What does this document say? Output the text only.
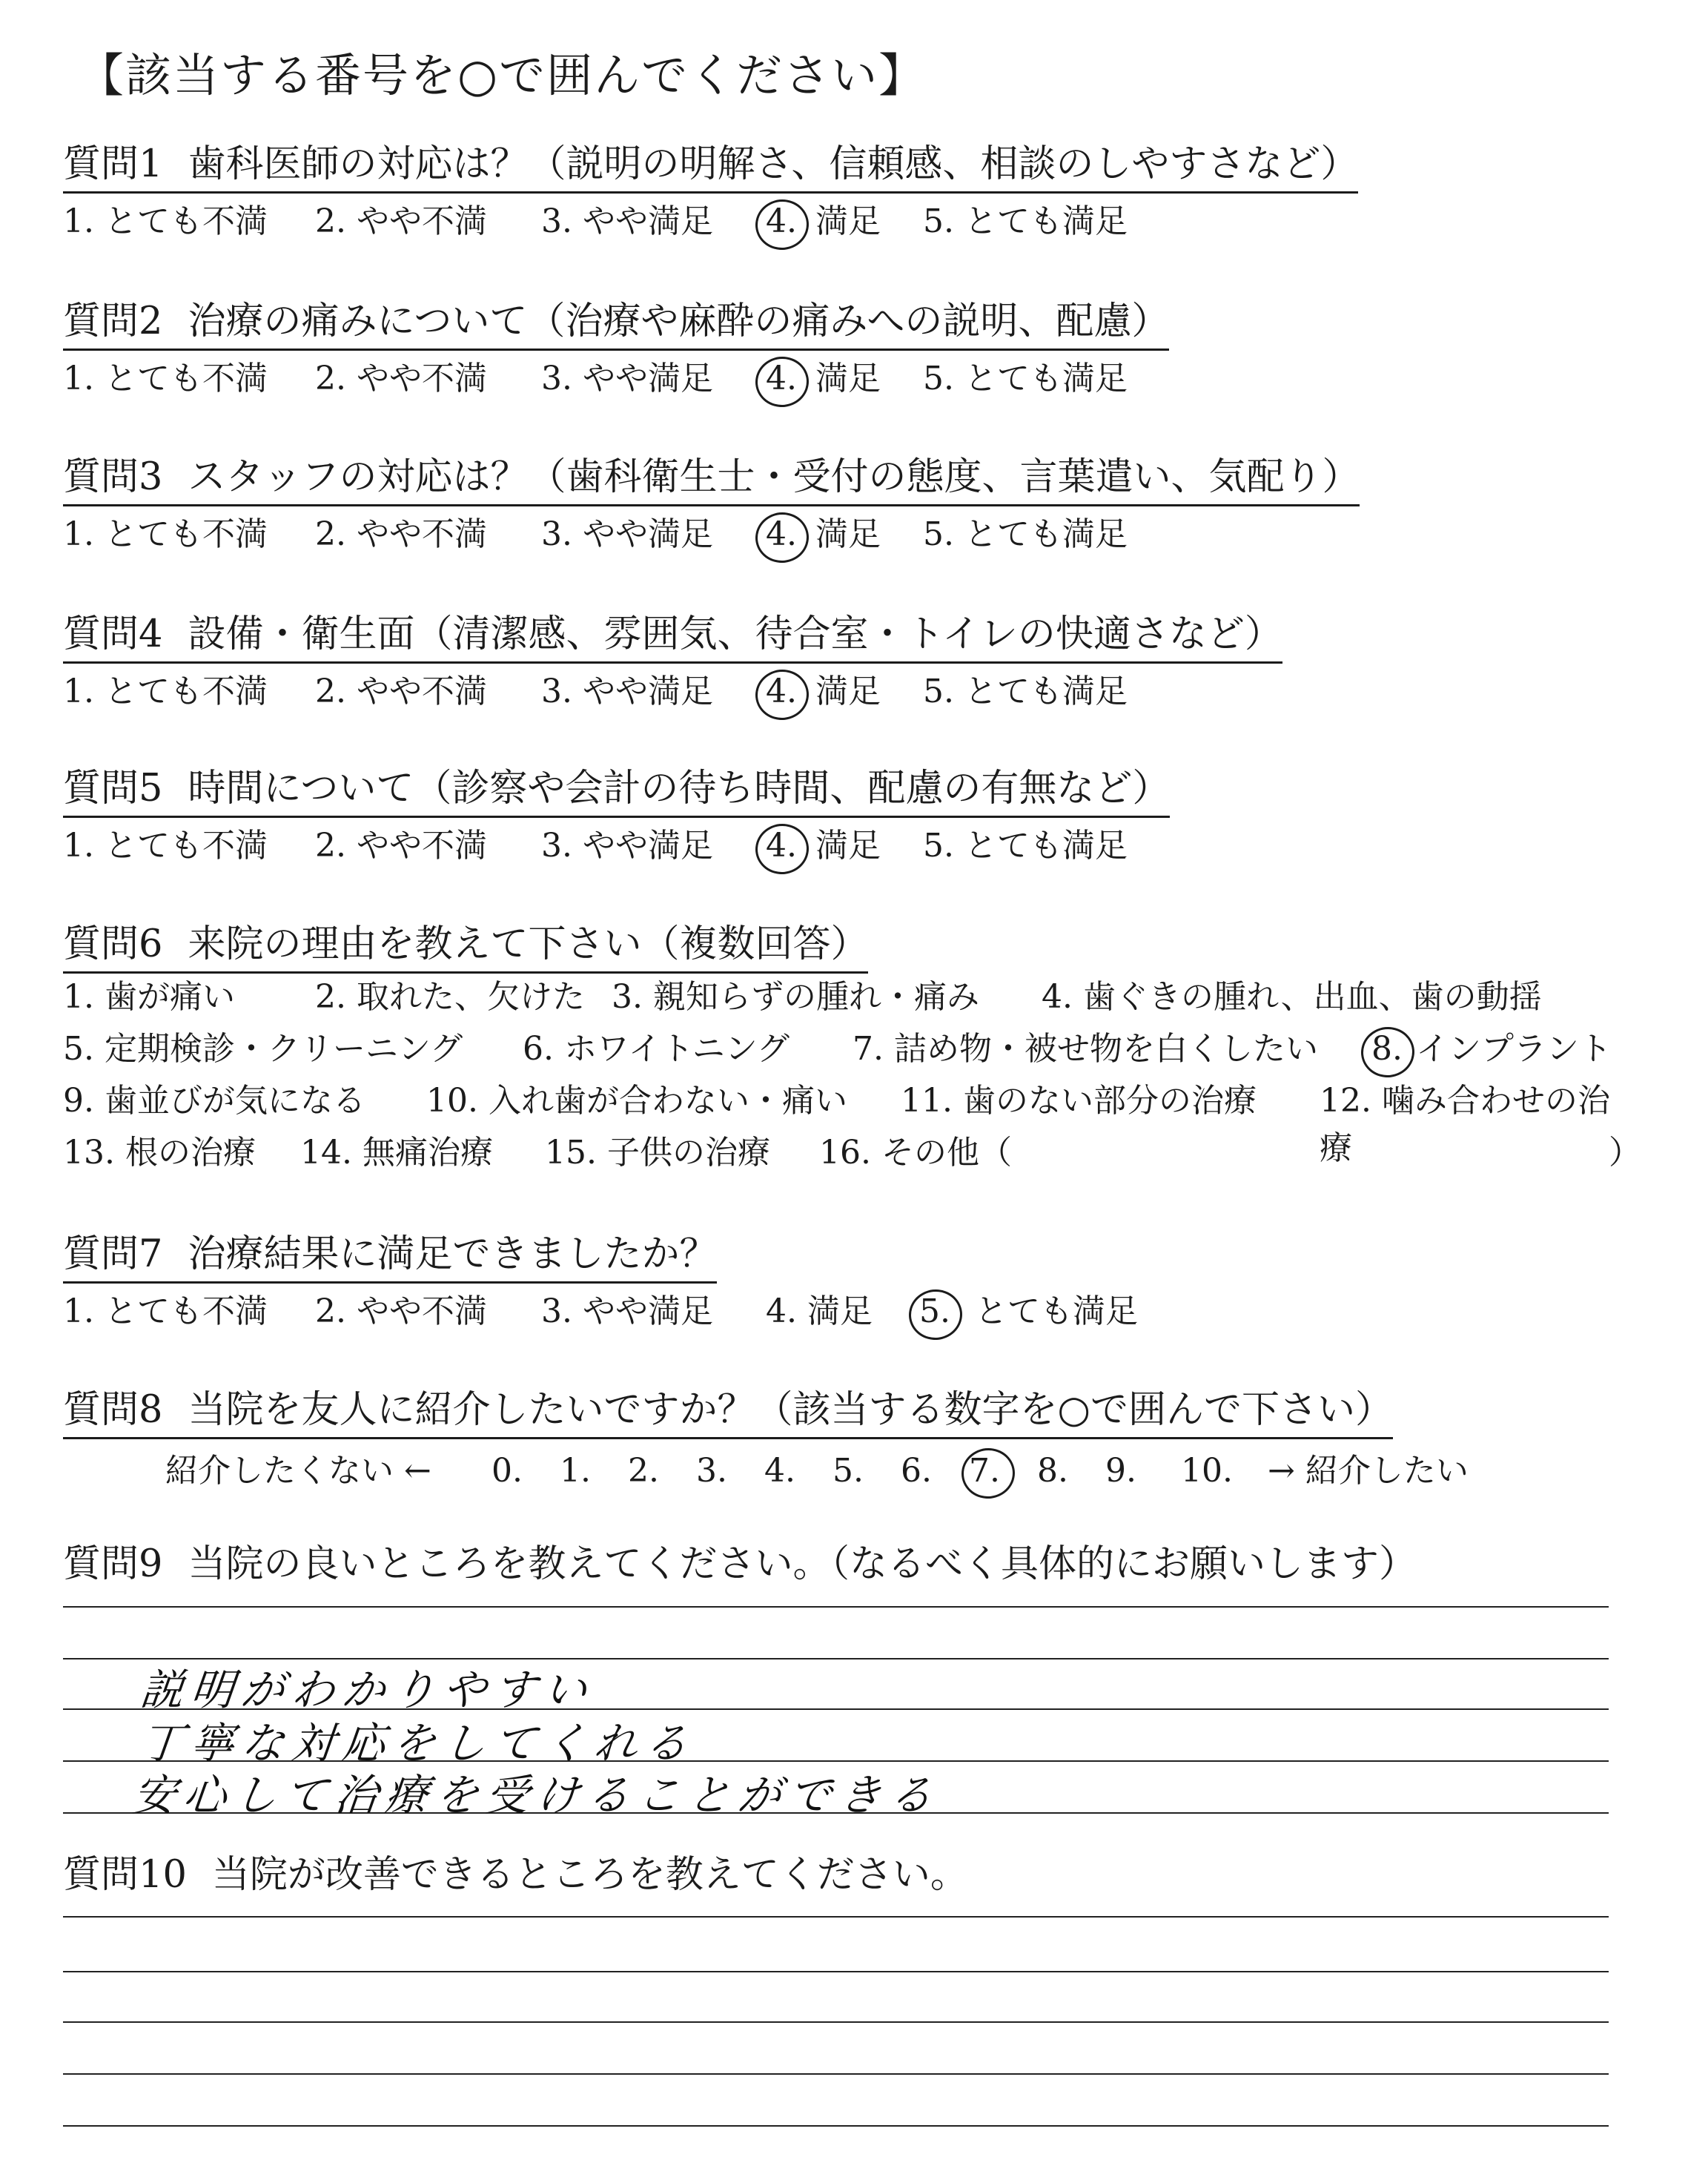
【該当する番号を○で囲んでください】
質問1 歯科医師の対応は？（説明の明解さ、信頼感、相談のしやすさなど）
1. とても不満 2. やや不満 3. やや満足 4. 満足 5. とても満足
質問2 治療の痛みについて（治療や麻酔の痛みへの説明、配慮）
1. とても不満 2. やや不満 3. やや満足 4. 満足 5. とても満足
質問3 スタッフの対応は？（歯科衛生士・受付の態度、言葉遣い、気配り）
1. とても不満 2. やや不満 3. やや満足 4. 満足 5. とても満足
質問4 設備・衛生面（清潔感、雰囲気、待合室・トイレの快適さなど）
1. とても不満 2. やや不満 3. やや満足 4. 満足 5. とても満足
質問5 時間について（診察や会計の待ち時間、配慮の有無など）
1. とても不満 2. やや不満 3. やや満足 4. 満足 5. とても満足
質問6 来院の理由を教えて下さい（複数回答）
1. 歯が痛い 2. 取れた、欠けた 3. 親知らずの腫れ・痛み 4. 歯ぐきの腫れ、出血、歯の動揺
5. 定期検診・クリーニング 6. ホワイトニング 7. 詰め物・被せ物を白くしたい 8. インプラント
9. 歯並びが気になる 10. 入れ歯が合わない・痛い 11. 歯のない部分の治療 12. 噛み合わせの治療
13. 根の治療 14. 無痛治療 15. 子供の治療 16. その他（	）
質問7 治療結果に満足できましたか？
1. とても不満 2. やや不満 3. やや満足 4. 満足 5. とても満足
質問8 当院を友人に紹介したいですか？（該当する数字を○で囲んで下さい）
紹介したくない ← 0. 1. 2. 3. 4. 5. 6. 7. 8. 9. 10. → 紹介したい
質問9 当院の良いところを教えてください。（なるべく具体的にお願いします）
説明がわかりやすい
丁寧な対応をしてくれる
安心して治療を受けることができる
質問10 当院が改善できるところを教えてください。
